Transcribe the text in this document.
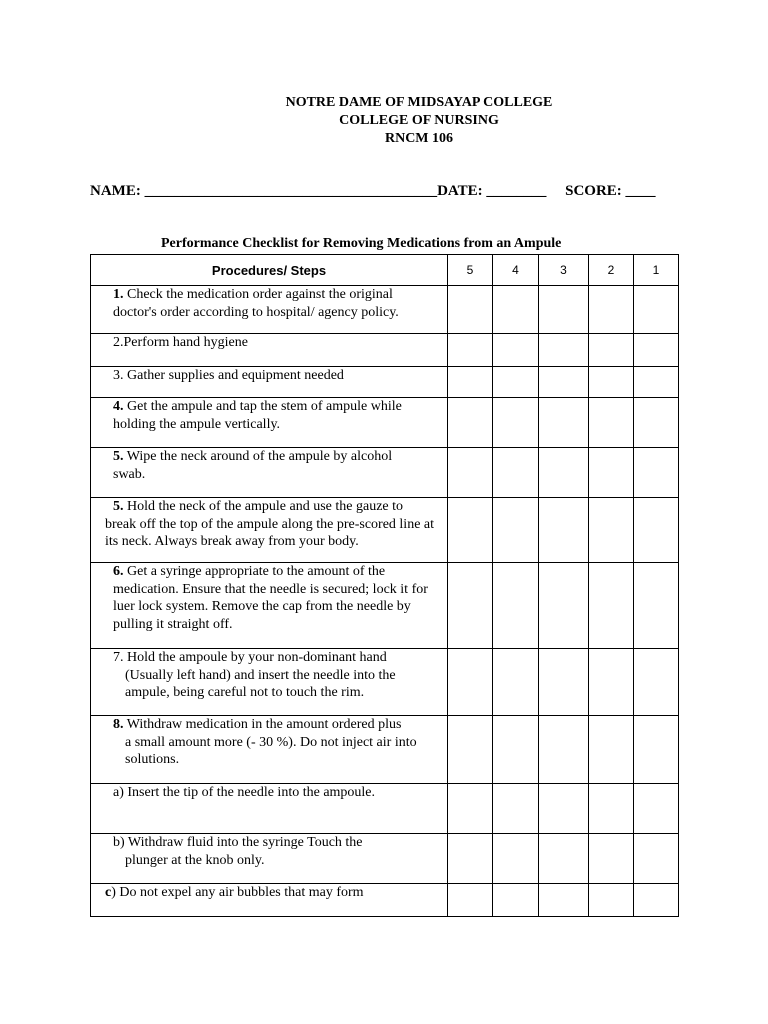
NOTRE DAME OF MIDSAYAP COLLEGE
COLLEGE OF NURSING
RNCM 106
NAME: _______________________________________DATE: ________     SCORE: ____
Performance Checklist for Removing Medications from an Ampule
Procedures/ Steps	5	4	3	2	1
1. Check the medication order against the original doctor's order according to hospital/ agency policy.					
2.Perform hand hygiene					
3. Gather supplies and equipment needed					
4. Get the ampule and tap the stem of ampule while holding the ampule vertically.					
5. Wipe the neck around of the ampule by alcohol swab.					

5. Hold the neck of the ampule and use the gauze to
break off the top of the ampule along the pre-scored line at its neck. Always break away from your body.					

6. Get a syringe appropriate to the amount of the medication. Ensure that the needle is secured; lock it for luer lock system. Remove the cap from the needle by pulling it straight off.					

7. Hold the ampoule by your non-dominant hand
(Usually left hand) and insert the needle into the ampule, being careful not to touch the rim.					

8. Withdraw medication in the amount ordered plus
a small amount more (- 30 %). Do not inject air into solutions.					

a) Insert the tip of the needle into the ampoule.					

b) Withdraw fluid into the syringe Touch the
plunger at the knob only.					

c) Do not expel any air bubbles that may form					
